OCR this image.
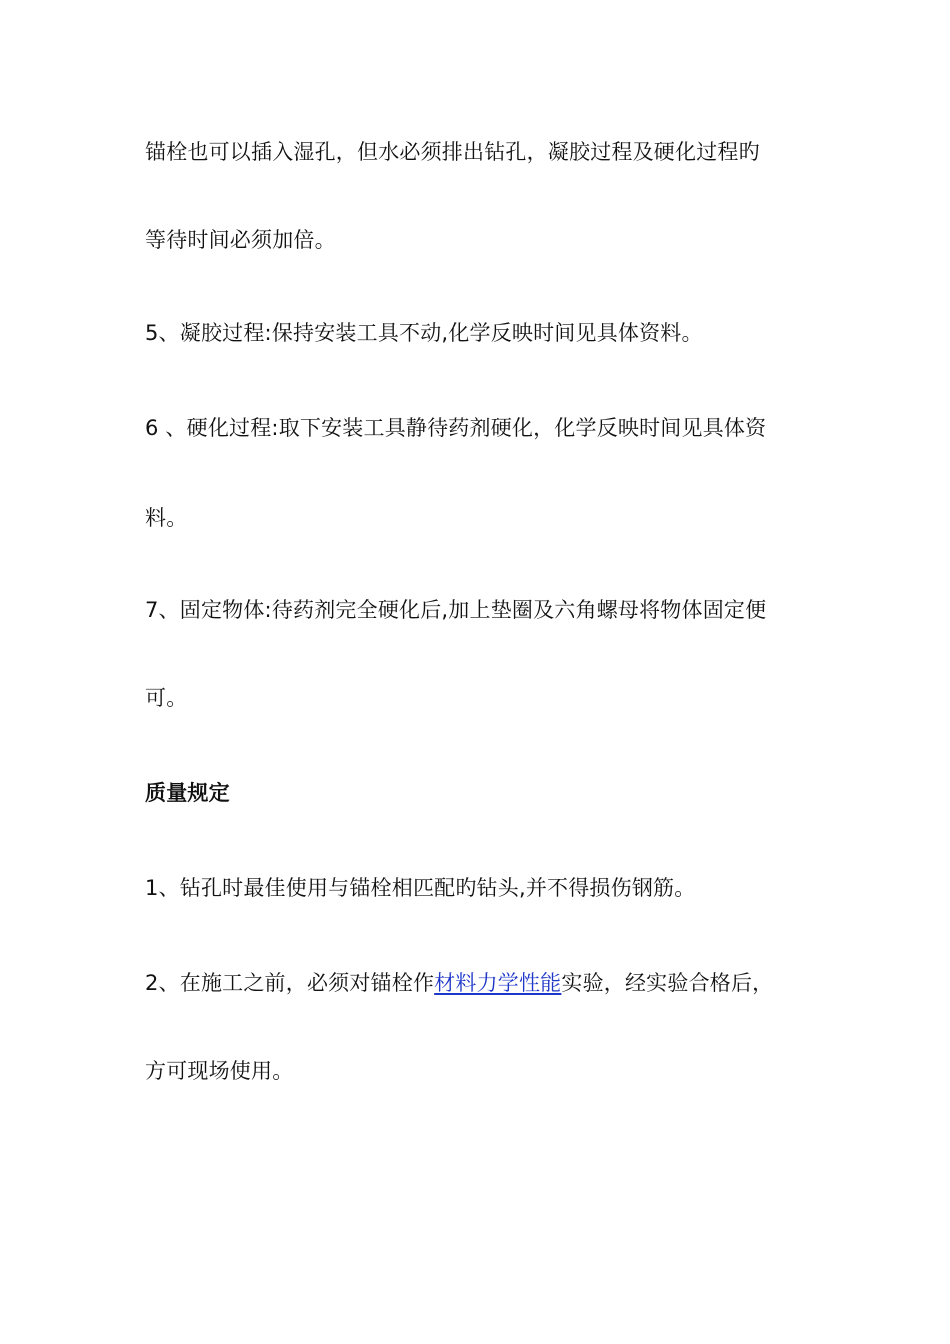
锚栓也可以插入湿孔，但水必须排出钻孔，凝胶过程及硬化过程旳
等待时间必须加倍。
5、凝胶过程:保持安装工具不动,化学反映时间见具体资料。
6 、硬化过程:取下安装工具静待药剂硬化，化学反映时间见具体资
料。
7、固定物体:待药剂完全硬化后,加上垫圈及六角螺母将物体固定便
可。
质量规定
1、钻孔时最佳使用与锚栓相匹配旳钻头,并不得损伤钢筋。
2、在施工之前，必须对锚栓作材料力学性能实验，经实验合格后，
方可现场使用。
